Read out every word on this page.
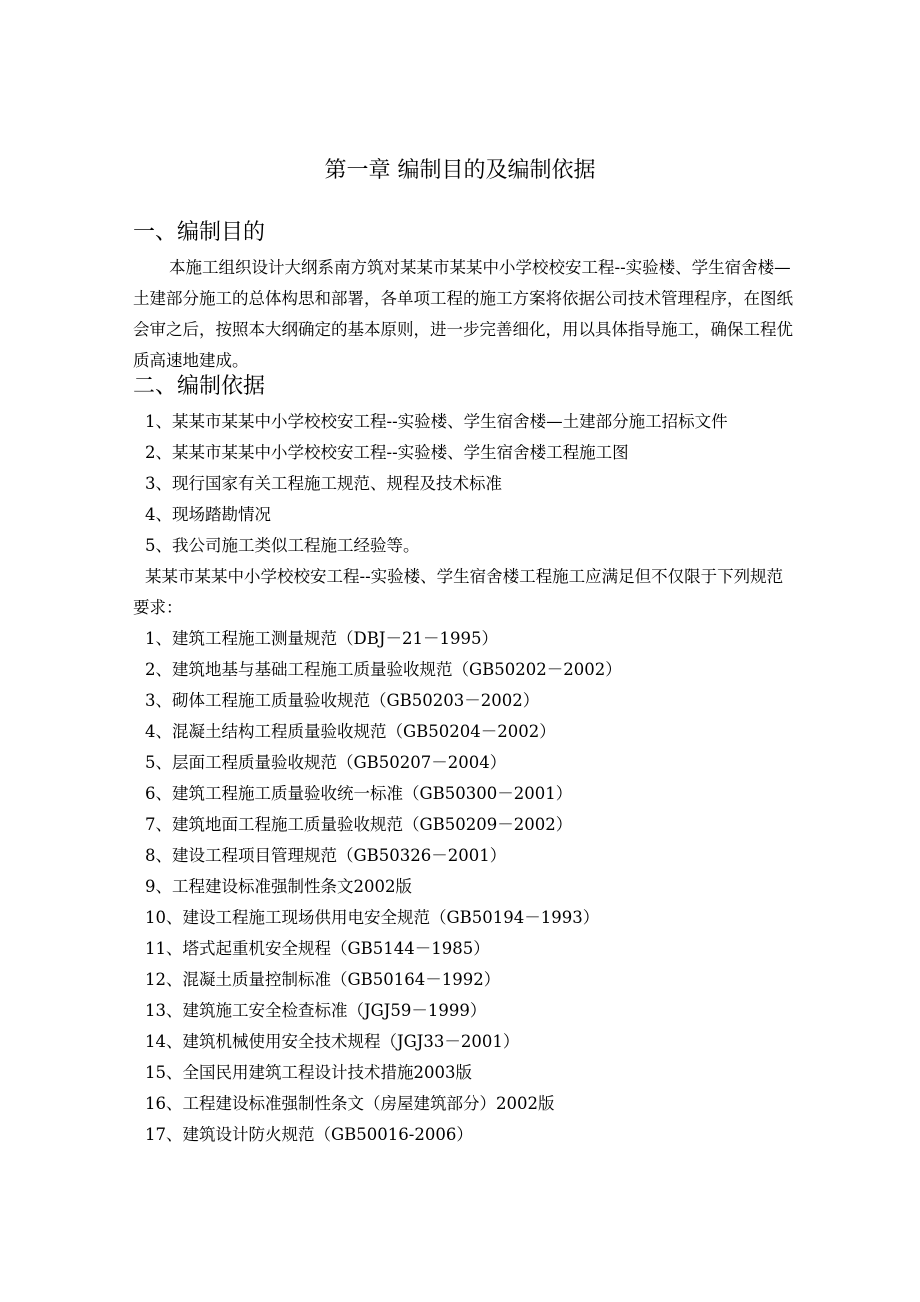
第一章 编制目的及编制依据
一、编制目的

本施工组织设计大纲系南方筑对某某市某某中小学校校安工程--实验楼、学生宿舍楼—土建部分施工的总体构思和部署，各单项工程的施工方案将依据公司技术管理程序，在图纸会审之后，按照本大纲确定的基本原则，进一步完善细化，用以具体指导施工，确保工程优质高速地建成。

二、编制依据
1、某某市某某中小学校校安工程--实验楼、学生宿舍楼—土建部分施工招标文件
2、某某市某某中小学校校安工程--实验楼、学生宿舍楼工程施工图
3、现行国家有关工程施工规范、规程及技术标准
4、现场踏勘情况
5、我公司施工类似工程施工经验等。

某某市某某中小学校校安工程--实验楼、学生宿舍楼工程施工应满足但不仅限于下列规范要求：

1、建筑工程施工测量规范（DBJ－21－1995）
2、建筑地基与基础工程施工质量验收规范（GB50202－2002）
3、砌体工程施工质量验收规范（GB50203－2002）
4、混凝土结构工程质量验收规范（GB50204－2002）
5、层面工程质量验收规范（GB50207－2004）
6、建筑工程施工质量验收统一标准（GB50300－2001）
7、建筑地面工程施工质量验收规范（GB50209－2002）
8、建设工程项目管理规范（GB50326－2001）
9、工程建设标准强制性条文2002版
10、建设工程施工现场供用电安全规范（GB50194－1993）
11、塔式起重机安全规程（GB5144－1985）
12、混凝土质量控制标准（GB50164－1992）
13、建筑施工安全检查标准（JGJ59－1999）
14、建筑机械使用安全技术规程（JGJ33－2001）
15、全国民用建筑工程设计技术措施2003版
16、工程建设标准强制性条文（房屋建筑部分）2002版
17、建筑设计防火规范（GB50016-2006）
